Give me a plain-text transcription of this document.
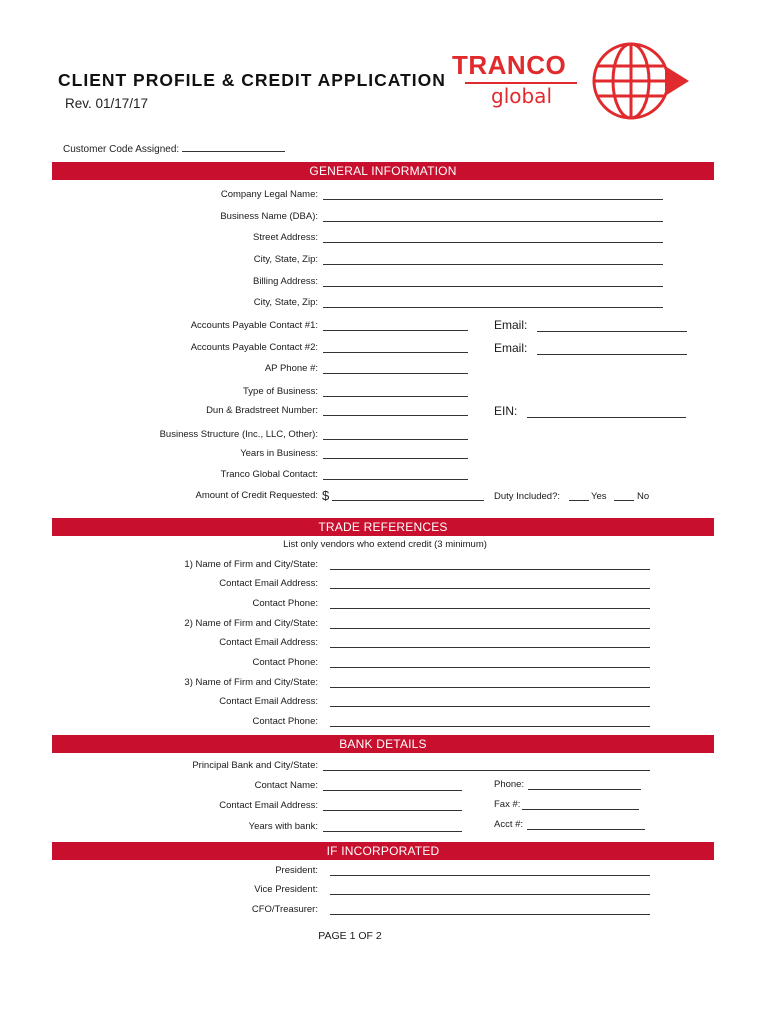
CLIENT PROFILE & CREDIT APPLICATION
Rev. 01/17/17
Customer Code Assigned:
TRANCO
global
GENERAL INFORMATION
Company Legal Name:
Business Name (DBA):
Street Address:
City, State, Zip:
Billing Address:
City, State, Zip:
Accounts Payable Contact #1:	Email:
Accounts Payable Contact #2:	Email:
AP Phone #:
Type of Business:
Dun & Bradstreet Number:	EIN:
Business Structure (Inc., LLC, Other):
Years in Business:
Tranco Global Contact:
Amount of Credit Requested: $	Duty Included?:	Yes	No
TRADE REFERENCES
List only vendors who extend credit (3 minimum)
1) Name of Firm and City/State:
Contact Email Address:
Contact Phone:
2) Name of Firm and City/State:
Contact Email Address:
Contact Phone:
3) Name of Firm and City/State:
Contact Email Address:
Contact Phone:
BANK DETAILS
Principal Bank and City/State:
Contact Name:	Phone:
Contact Email Address:	Fax #:
Years with bank:	Acct #:
IF INCORPORATED
President:
Vice President:
CFO/Treasurer:
PAGE 1 OF 2
